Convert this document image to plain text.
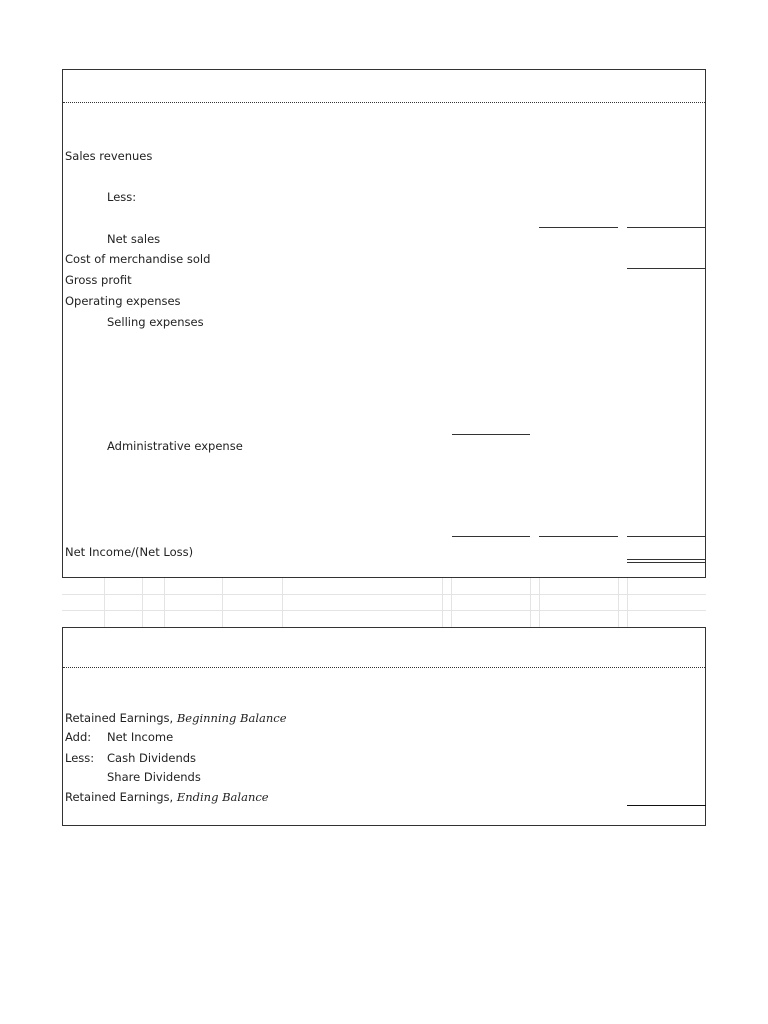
Sales revenues
Less:
Net sales
Cost of merchandise sold
Gross profit
Operating expenses
Selling expenses
Administrative expense
Net Income/(Net Loss)
Retained Earnings, Beginning Balance
Add: Net Income
Less: Cash Dividends
Share Dividends
Retained Earnings, Ending Balance
